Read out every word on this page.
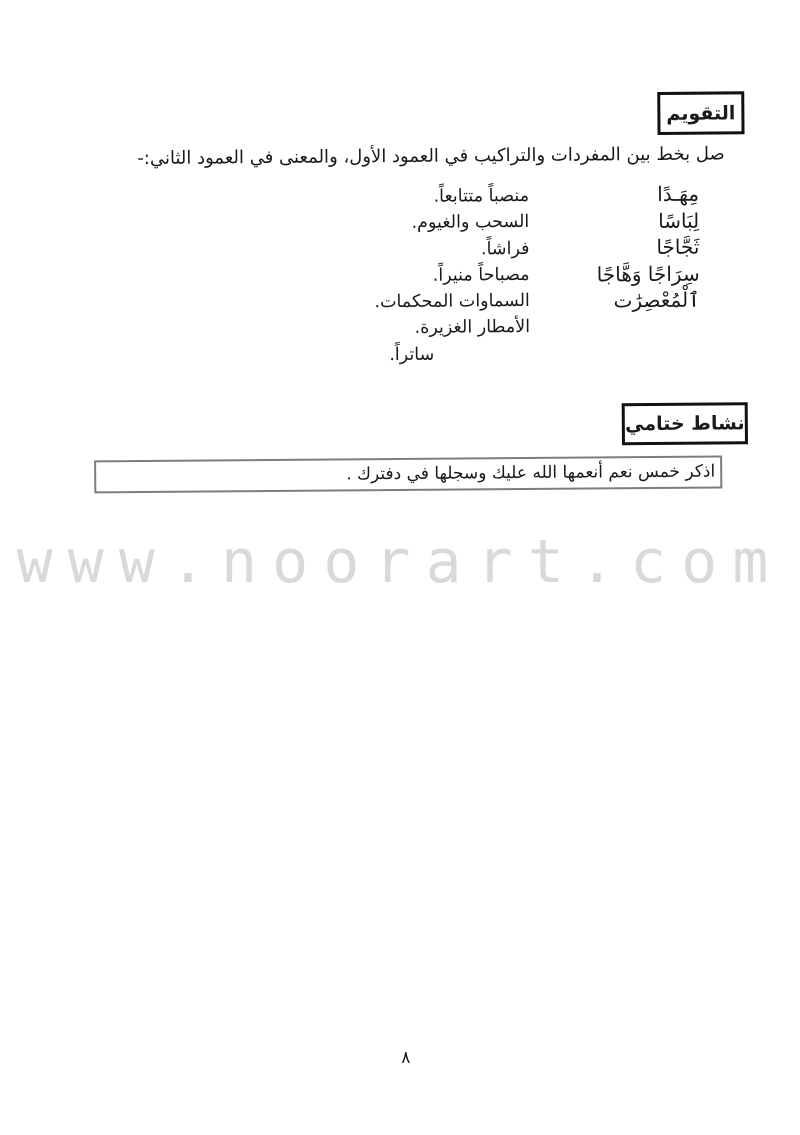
التقويم
صل بخط بين المفردات والتراكيب في العمود الأول، والمعنى في العمود الثاني:-
مِهَـدًا
لِبَاسًا
ثَجَّاجًا
سِرَاجًا وَهَّاجًا
ٱلْمُعْصِرَٰت
منصباً متتابعاً.
السحب والغيوم.
فراشاً.
مصباحاً منيراً.
السماوات المحكمات.
الأمطار الغزيرة.
ساتراً.
نشاط ختامي
اذكر خمس نعم أنعمها الله عليك وسجلها في دفترك .
٨
www.noorart.com
